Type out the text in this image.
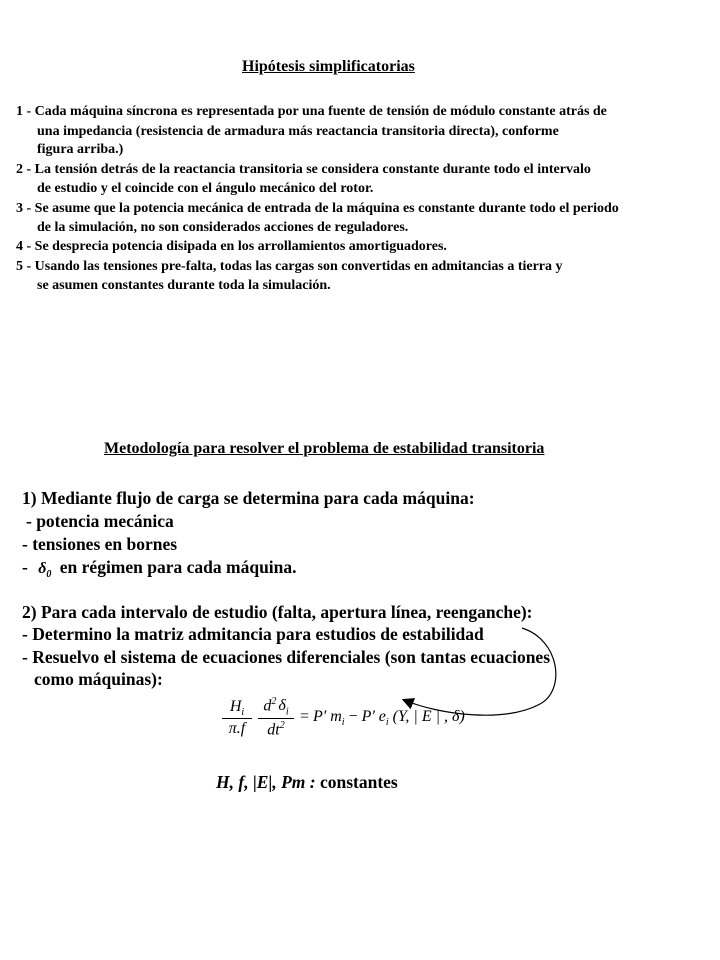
Hipótesis simplificatorias
1 - Cada máquina síncrona es representada por una fuente de tensión de módulo constante atrás de
una impedancia (resistencia de armadura más reactancia transitoria directa), conforme
figura arriba.)
2 - La tensión detrás de la reactancia transitoria se considera constante durante todo el intervalo
de estudio y el coincide con el ángulo mecánico del rotor.
3 - Se asume que la potencia mecánica de entrada de la máquina es constante durante todo el periodo
de la simulación, no son considerados acciones de reguladores.
4 - Se desprecia potencia disipada en los arrollamientos amortiguadores.
5 - Usando las tensiones pre-falta, todas las cargas son convertidas en admitancias a tierra y
se asumen constantes durante toda la simulación.
Metodología para resolver el problema de estabilidad transitoria
1) Mediante flujo de carga se determina para cada máquina:
- potencia mecánica
- tensiones en bornes
- $\delta_0$ en régimen para cada máquina.
2) Para cada intervalo de estudio (falta, apertura línea, reenganche):
- Determino la matriz admitancia para estudios de estabilidad
- Resuelvo el sistema de ecuaciones diferenciales (son tantas ecuaciones
como máquinas):
$H_i$
π.f
$d^2$ $\delta_i$
$dt^2$
= P' $m_i - P'$ $e_i$ (Y, | E | , δ)
H, f, |E|, Pm : constantes
